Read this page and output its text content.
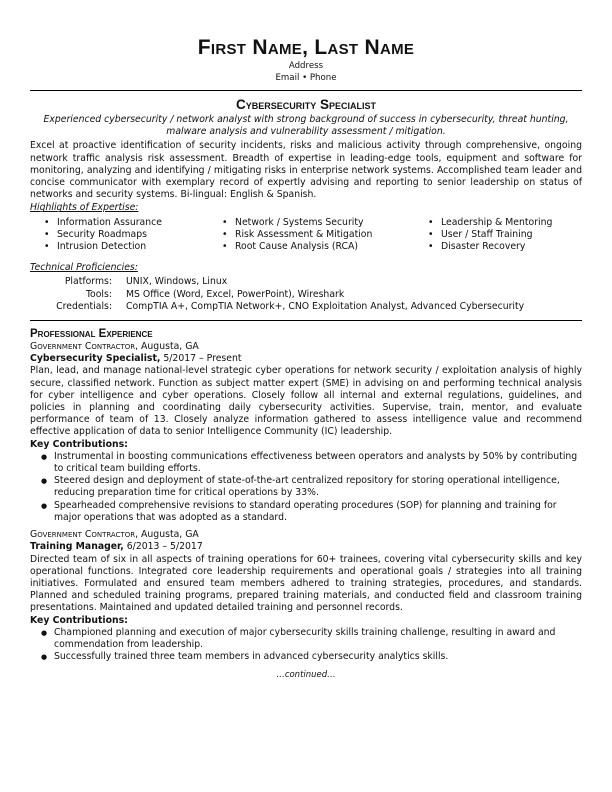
First Name, Last Name
Address
Email • Phone
Cybersecurity Specialist
Experienced cybersecurity / network analyst with strong background of success in cybersecurity, threat hunting, malware analysis and vulnerability assessment / mitigation.
Excel at proactive identification of security incidents, risks and malicious activity through comprehensive, ongoing network traffic analysis risk assessment. Breadth of expertise in leading-edge tools, equipment and software for monitoring, analyzing and identifying / mitigating risks in enterprise network systems. Accomplished team leader and concise communicator with exemplary record of expertly advising and reporting to senior leadership on status of networks and security systems. Bi-lingual: English & Spanish.
Highlights of Expertise:
• Information Assurance
• Security Roadmaps
• Intrusion Detection
• Network / Systems Security
• Risk Assessment & Mitigation
• Root Cause Analysis (RCA)
• Leadership & Mentoring
• User / Staff Training
• Disaster Recovery
Technical Proficiencies:
Platforms:	UNIX, Windows, Linux
Tools:	MS Office (Word, Excel, PowerPoint), Wireshark
Credentials:	CompTIA A+, CompTIA Network+, CNO Exploitation Analyst, Advanced Cybersecurity
Professional Experience
Government Contractor, Augusta, GA
Cybersecurity Specialist, 5/2017 – Present
Plan, lead, and manage national-level strategic cyber operations for network security / exploitation analysis of highly secure, classified network. Function as subject matter expert (SME) in advising on and performing technical analysis for cyber intelligence and cyber operations. Closely follow all internal and external regulations, guidelines, and policies in planning and coordinating daily cybersecurity activities. Supervise, train, mentor, and evaluate performance of team of 13. Closely analyze information gathered to assess intelligence value and recommend effective application of data to senior Intelligence Community (IC) leadership.
Key Contributions:
● Instrumental in boosting communications effectiveness between operators and analysts by 50% by contributing to critical team building efforts.
● Steered design and deployment of state-of-the-art centralized repository for storing operational intelligence, reducing preparation time for critical operations by 33%.
● Spearheaded comprehensive revisions to standard operating procedures (SOP) for planning and training for major operations that was adopted as a standard.
Government Contractor, Augusta, GA
Training Manager, 6/2013 – 5/2017
Directed team of six in all aspects of training operations for 60+ trainees, covering vital cybersecurity skills and key operational functions. Integrated core leadership requirements and operational goals / strategies into all training initiatives. Formulated and ensured team members adhered to training strategies, procedures, and standards. Planned and scheduled training programs, prepared training materials, and conducted field and classroom training presentations. Maintained and updated detailed training and personnel records.
Key Contributions:
● Championed planning and execution of major cybersecurity skills training challenge, resulting in award and commendation from leadership.
● Successfully trained three team members in advanced cybersecurity analytics skills.
…continued…
